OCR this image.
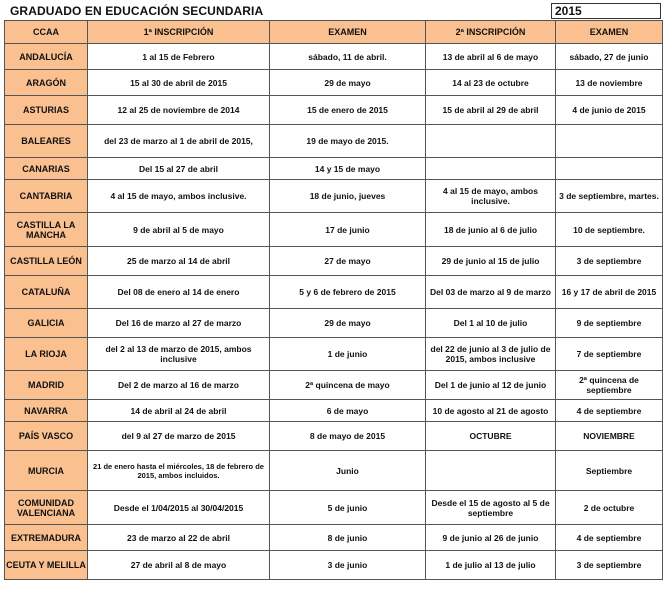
GRADUADO EN EDUCACIÓN SECUNDARIA	2015
CCAA	1ª INSCRIPCIÓN	EXAMEN	2ª INSCRIPCIÓN	EXAMEN
ANDALUCÍA	1 al 15 de Febrero	sábado, 11 de abril.	13 de abril al 6 de mayo	sábado, 27 de junio
ARAGÓN	15 al 30 de abril de 2015	29 de mayo	14 al 23 de octubre	13 de noviembre
ASTURIAS	12 al 25 de noviembre de 2014	15 de enero de 2015	15 de abril al 29 de abril	4 de junio de 2015
BALEARES	del 23 de marzo al 1 de abril de 2015,	19 de mayo de 2015.		
CANARIAS	Del 15 al 27 de abril	14 y 15 de mayo		
CANTABRIA	4 al 15 de mayo, ambos inclusive.	18 de junio, jueves	4 al 15 de mayo, ambos inclusive.	3 de septiembre, martes.
CASTILLA LA MANCHA	9 de abril al 5 de mayo	17 de junio	18 de junio al 6 de julio	10 de septiembre.
CASTILLA LEÓN	25 de marzo al 14 de abril	27 de mayo	29 de junio al 15 de julio	3 de septiembre
CATALUÑA	Del 08 de enero al 14 de enero	5 y 6 de febrero de 2015	Del 03 de marzo al 9 de marzo	16 y 17 de abril de 2015
GALICIA	Del 16 de marzo al 27 de marzo	29 de mayo	Del 1 al 10 de julio	9 de septiembre
LA RIOJA	del 2 al 13 de marzo de 2015, ambos inclusive	1 de junio	del 22 de junio al 3 de julio de 2015, ambos inclusive	7 de septiembre
MADRID	Del 2 de marzo al 16 de marzo	2ª quincena de mayo	Del 1 de junio al 12 de junio	2ª quincena de septiembre
NAVARRA	14 de abril al 24 de abril	6 de mayo	10 de agosto al 21 de agosto	4 de septiembre
PAÍS VASCO	del 9 al 27 de marzo de 2015	8 de mayo de 2015	OCTUBRE	NOVIEMBRE
MURCIA	21 de enero hasta el miércoles, 18 de febrero de 2015, ambos incluidos.	Junio		Septiembre
COMUNIDAD VALENCIANA	Desde el 1/04/2015 al 30/04/2015	5 de junio	Desde el 15 de agosto al 5 de septiembre	2 de octubre
EXTREMADURA	23 de marzo al 22 de abril	8 de junio	9 de junio al 26 de junio	4 de septiembre
CEUTA Y MELILLA	27 de abril al 8 de mayo	3 de junio	1 de julio al 13 de julio	3 de septiembre
